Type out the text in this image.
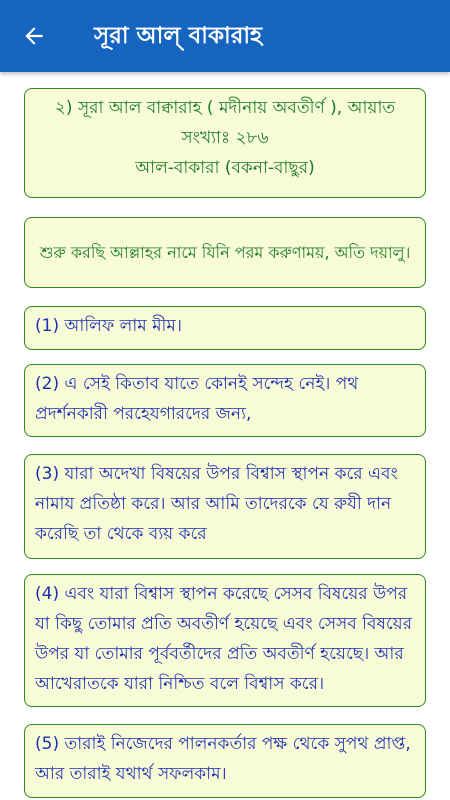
সূরা আল্ বাকারাহ
২) সূরা আল বাক্বারাহ ( মদীনায় অবতীর্ণ ), আয়াত সংখ্যাঃ ২৮৬
আল-বাকারা (বকনা-বাছুর)
শুরু করছি আল্লাহর নামে যিনি পরম করুণাময়, অতি দয়ালু।
(1) আলিফ লাম মীম।
(2) এ সেই কিতাব যাতে কোনই সন্দেহ নেই। পথ প্রদর্শনকারী পরহেযগারদের জন্য,
(3) যারা অদেখা বিষয়ের উপর বিশ্বাস স্থাপন করে এবং নামায প্রতিষ্ঠা করে। আর আমি তাদেরকে যে রুযী দান করেছি তা থেকে ব্যয় করে
(4) এবং যারা বিশ্বাস স্থাপন করেছে সেসব বিষয়ের উপর যা কিছু তোমার প্রতি অবতীর্ণ হয়েছে এবং সেসব বিষয়ের উপর যা তোমার পূর্ববর্তীদের প্রতি অবতীর্ণ হয়েছে। আর আখেরাতকে যারা নিশ্চিত বলে বিশ্বাস করে।
(5) তারাই নিজেদের পালনকর্তার পক্ষ থেকে সুপথ প্রাপ্ত, আর তারাই যথার্থ সফলকাম।
